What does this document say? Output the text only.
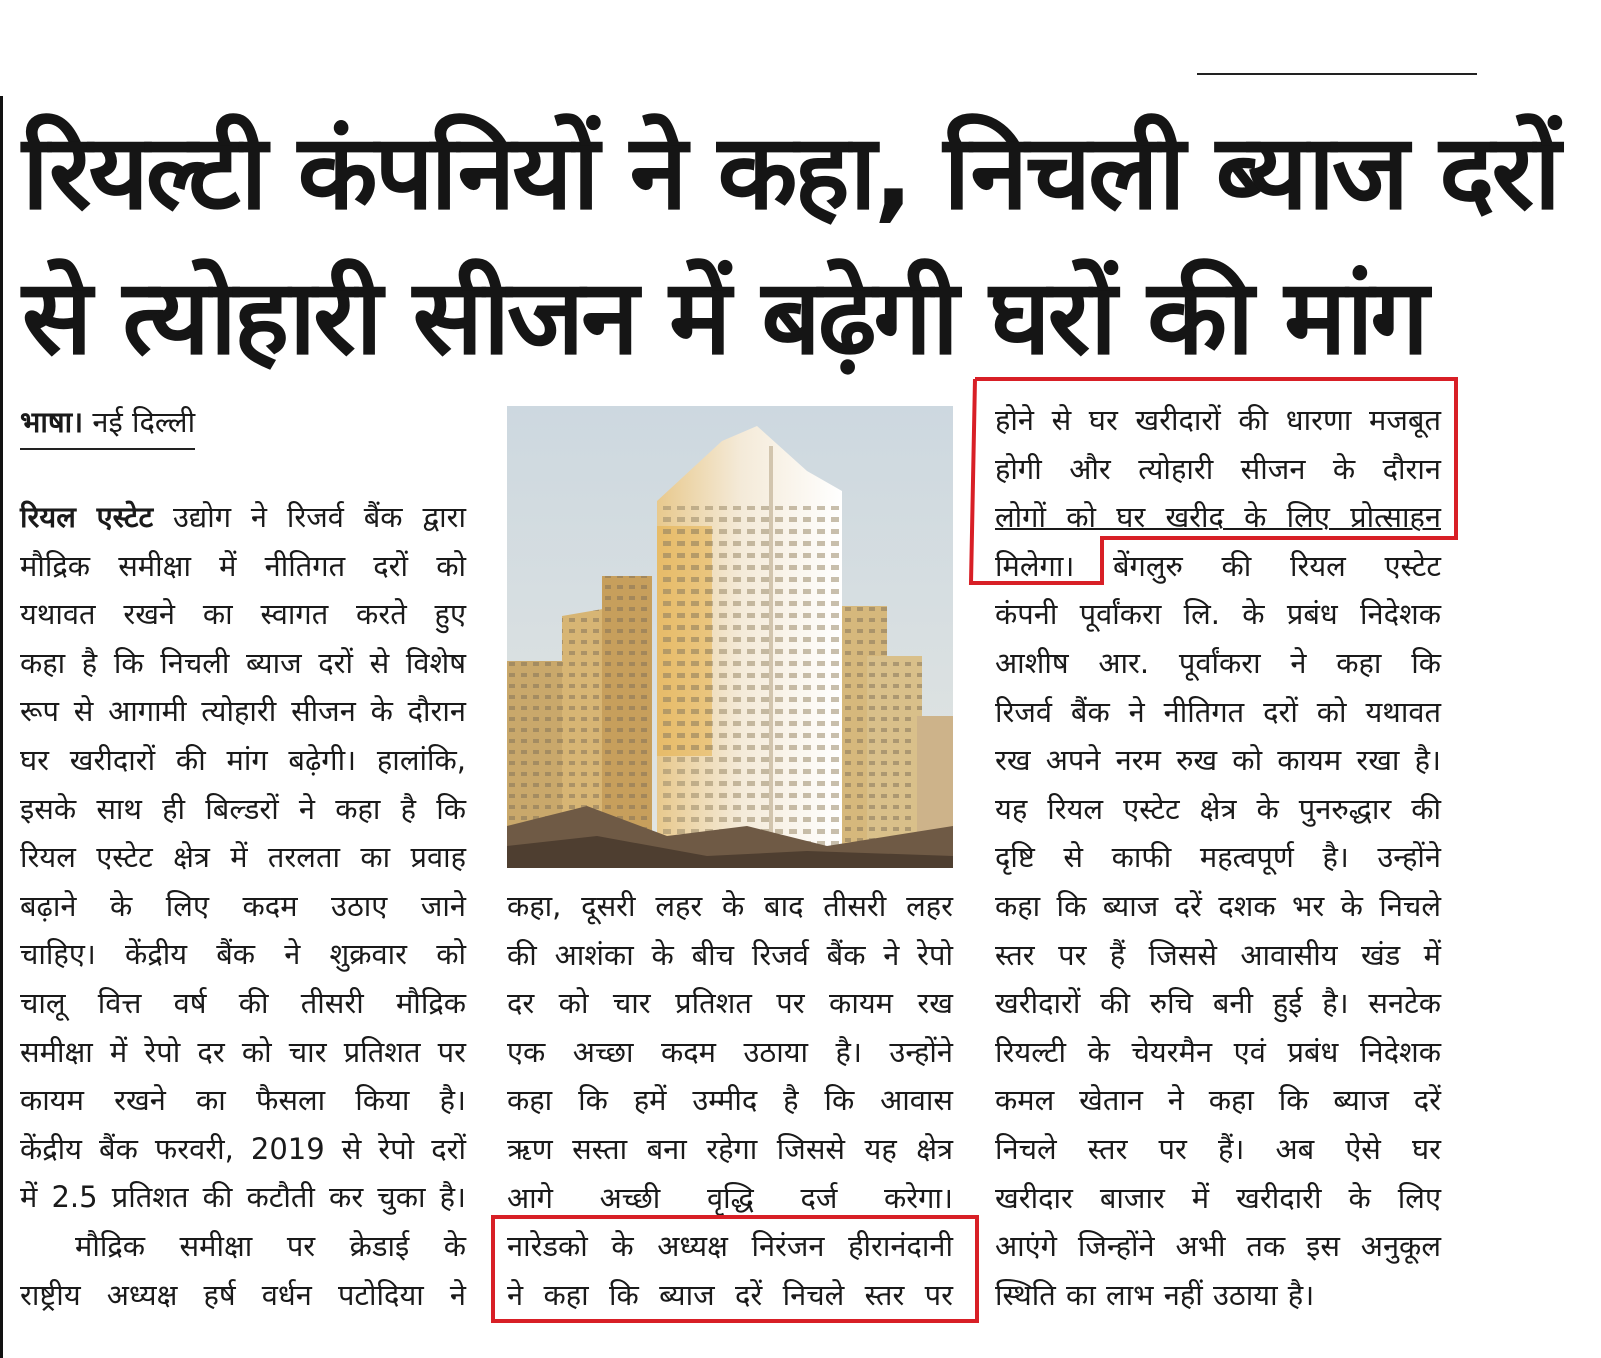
रियल्टी कंपनियों ने कहा, निचली ब्याज दरों
से त्योहारी सीजन में बढ़ेगी घरों की मांग
भाषा। नई दिल्ली
रियल एस्टेट उद्योग ने रिजर्व बैंक द्वारा
मौद्रिक समीक्षा में नीतिगत दरों को
यथावत रखने का स्वागत करते हुए
कहा है कि निचली ब्याज दरों से विशेष
रूप से आगामी त्योहारी सीजन के दौरान
घर खरीदारों की मांग बढ़ेगी। हालांकि,
इसके साथ ही बिल्डरों ने कहा है कि
रियल एस्टेट क्षेत्र में तरलता का प्रवाह
बढ़ाने के लिए कदम उठाए जाने
चाहिए। केंद्रीय बैंक ने शुक्रवार को
चालू वित्त वर्ष की तीसरी मौद्रिक
समीक्षा में रेपो दर को चार प्रतिशत पर
कायम रखने का फैसला किया है।
केंद्रीय बैंक फरवरी, 2019 से रेपो दरों
में 2.5 प्रतिशत की कटौती कर चुका है।
मौद्रिक समीक्षा पर क्रेडाई के
राष्ट्रीय अध्यक्ष हर्ष वर्धन पटोदिया ने
कहा, दूसरी लहर के बाद तीसरी लहर
की आशंका के बीच रिजर्व बैंक ने रेपो
दर को चार प्रतिशत पर कायम रख
एक अच्छा कदम उठाया है। उन्होंने
कहा कि हमें उम्मीद है कि आवास
ऋण सस्ता बना रहेगा जिससे यह क्षेत्र
आगे अच्छी वृद्धि दर्ज करेगा।
नारेडको के अध्यक्ष निरंजन हीरानंदानी
ने कहा कि ब्याज दरें निचले स्तर पर
होने से घर खरीदारों की धारणा मजबूत
होगी और त्योहारी सीजन के दौरान
लोगों को घर खरीद के लिए प्रोत्साहन
मिलेगा। बेंगलुरु की रियल एस्टेट
कंपनी पूर्वांकरा लि. के प्रबंध निदेशक
आशीष आर. पूर्वांकरा ने कहा कि
रिजर्व बैंक ने नीतिगत दरों को यथावत
रख अपने नरम रुख को कायम रखा है।
यह रियल एस्टेट क्षेत्र के पुनरुद्धार की
दृष्टि से काफी महत्वपूर्ण है। उन्होंने
कहा कि ब्याज दरें दशक भर के निचले
स्तर पर हैं जिससे आवासीय खंड में
खरीदारों की रुचि बनी हुई है। सनटेक
रियल्टी के चेयरमैन एवं प्रबंध निदेशक
कमल खेतान ने कहा कि ब्याज दरें
निचले स्तर पर हैं। अब ऐसे घर
खरीदार बाजार में खरीदारी के लिए
आएंगे जिन्होंने अभी तक इस अनुकूल
स्थिति का लाभ नहीं उठाया है।
